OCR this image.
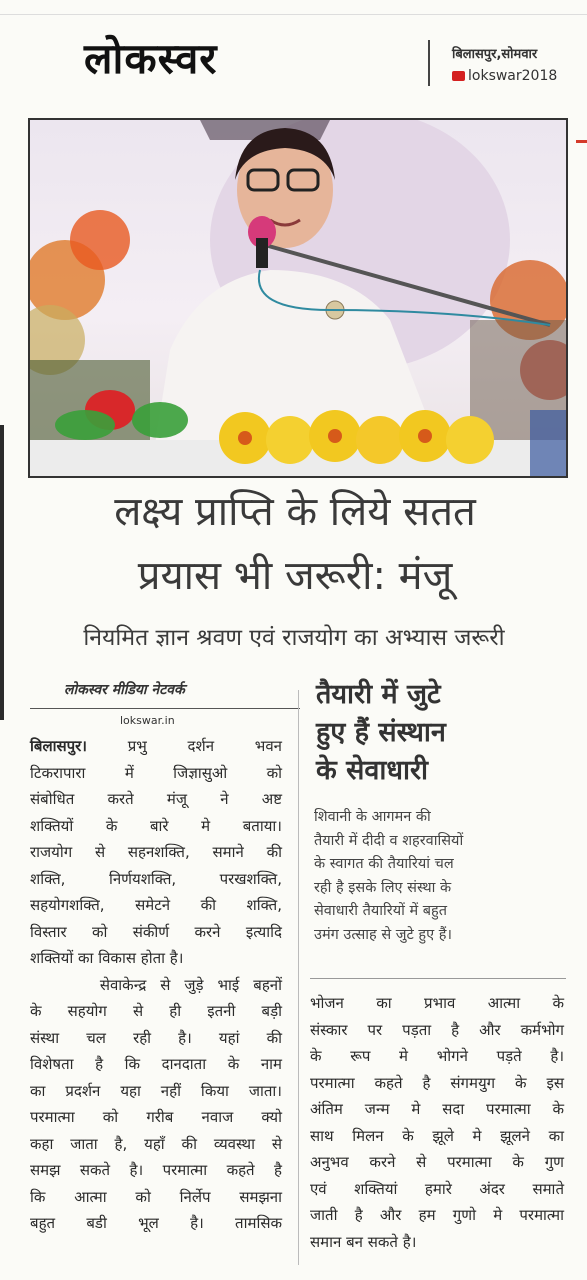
लोकस्वर	बिलासपुर,सोमवार
lokswar2018
लक्ष्य प्राप्ति के लिये सतत
प्रयास भी जरूरी: मंजू
नियमित ज्ञान श्रवण एवं राजयोग का अभ्यास जरूरी
लोकस्वर मीडिया नेटवर्क
lokswar.in
बिलासपुर। प्रभु दर्शन भवन
टिकरापारा में जिज्ञासुओ को
संबोधित करते मंजू ने अष्ट
शक्तियों के बारे मे बताया।
राजयोग से सहनशक्ति, समाने की
शक्ति, निर्णयशक्ति, परखशक्ति,
सहयोगशक्ति, समेटने की शक्ति,
विस्तार को संकीर्ण करने इत्यादि
शक्तियों का विकास होता है।
सेवाकेन्द्र से जुड़े भाई बहनों
के सहयोग से ही इतनी बड़ी
संस्था चल रही है। यहां की
विशेषता है कि दानदाता के नाम
का प्रदर्शन यहा नहीं किया जाता।
परमात्मा को गरीब नवाज क्यो
कहा जाता है, यहाँ की व्यवस्था से
समझ सकते है। परमात्मा कहते है
कि आत्मा को निर्लेप समझना
बहुत बडी भूल है। तामसिक
तैयारी में जुटे
हुए हैं संस्थान
के सेवाधारी
शिवानी के आगमन की
तैयारी में दीदी व शहरवासियों
के स्वागत की तैयारियां चल
रही है इसके लिए संस्था के
सेवाधारी तैयारियों में बहुत
उमंग उत्साह से जुटे हुए हैं।
भोजन का प्रभाव आत्मा के
संस्कार पर पड़ता है और कर्मभोग
के रूप मे भोगने पड़ते है।
परमात्मा कहते है संगमयुग के इस
अंतिम जन्म मे सदा परमात्मा के
साथ मिलन के झूले मे झूलने का
अनुभव करने से परमात्मा के गुण
एवं शक्तियां हमारे अंदर समाते
जाती है और हम गुणो मे परमात्मा
समान बन सकते है।
